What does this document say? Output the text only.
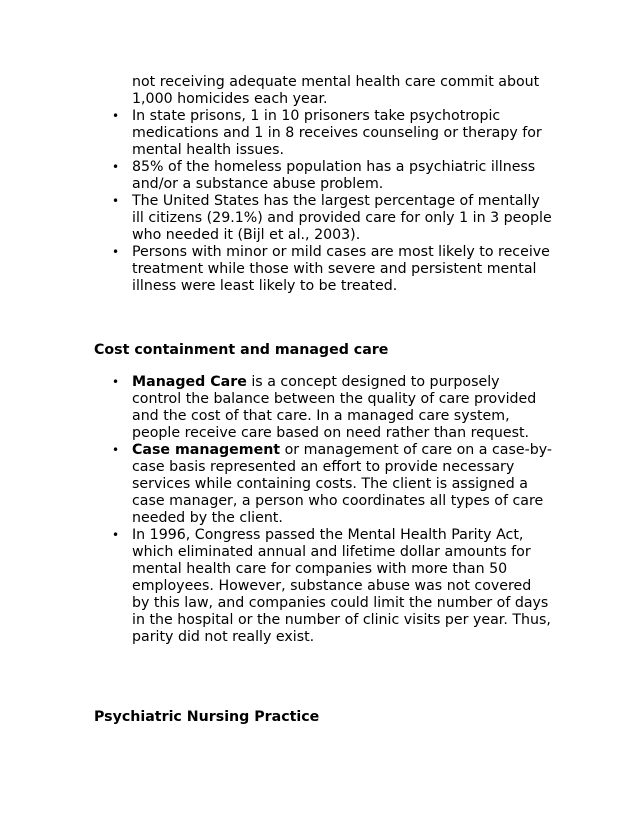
not receiving adequate mental health care commit about 1,000 homicides each year.

• In state prisons, 1 in 10 prisoners take psychotropic medications and 1 in 8 receives counseling or therapy for mental health issues.
• 85% of the homeless population has a psychiatric illness and/or a substance abuse problem.
• The United States has the largest percentage of mentally ill citizens (29.1%) and provided care for only 1 in 3 people who needed it (Bijl et al., 2003).
• Persons with minor or mild cases are most likely to receive treatment while those with severe and persistent mental illness were least likely to be treated.
Cost containment and managed care
• Managed Care is a concept designed to purposely control the balance between the quality of care provided and the cost of that care. In a managed care system, people receive care based on need rather than request.
• Case management or management of care on a case-by-case basis represented an effort to provide necessary services while containing costs. The client is assigned a case manager, a person who coordinates all types of care needed by the client.
• In 1996, Congress passed the Mental Health Parity Act, which eliminated annual and lifetime dollar amounts for mental health care for companies with more than 50 employees. However, substance abuse was not covered by this law, and companies could limit the number of days in the hospital or the number of clinic visits per year. Thus, parity did not really exist.
Psychiatric Nursing Practice
